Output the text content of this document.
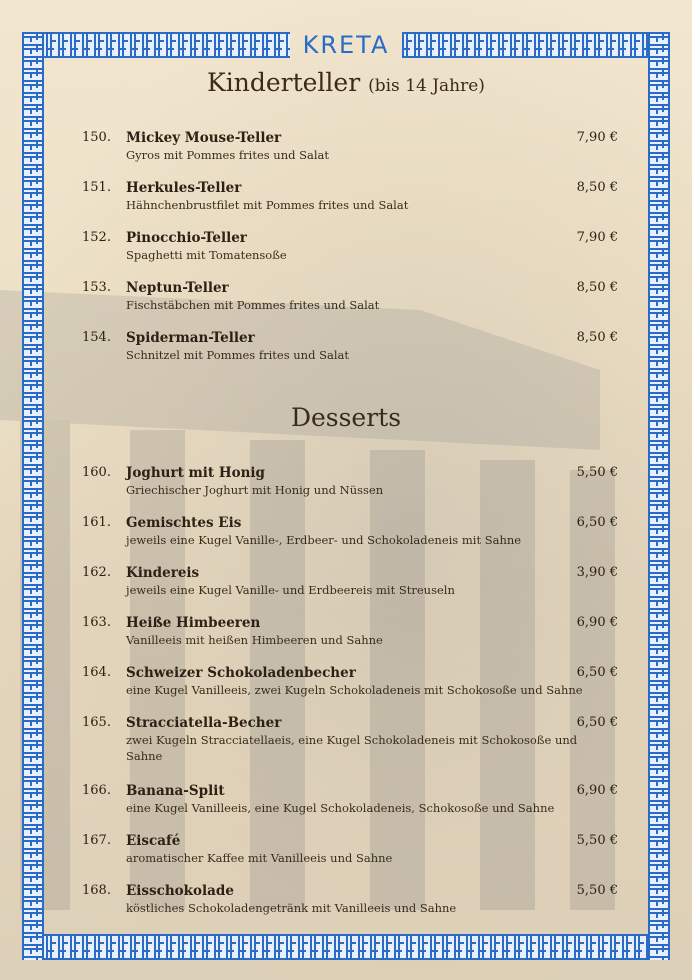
KRETA
Kinderteller (bis 14 Jahre)
150. Mickey Mouse-Teller	7,90 €
Gyros mit Pommes frites und Salat
151. Herkules-Teller	8,50 €
Hähnchenbrustfilet mit Pommes frites und Salat
152. Pinocchio-Teller	7,90 €
Spaghetti mit Tomatensoße
153. Neptun-Teller	8,50 €
Fischstäbchen mit Pommes frites und Salat
154. Spiderman-Teller	8,50 €
Schnitzel mit Pommes frites und Salat
Desserts
160. Joghurt mit Honig	5,50 €
Griechischer Joghurt mit Honig und Nüssen
161. Gemischtes Eis	6,50 €
jeweils eine Kugel Vanille-, Erdbeer- und Schokoladeneis mit Sahne
162. Kindereis	3,90 €
jeweils eine Kugel Vanille- und Erdbeereis mit Streuseln
163. Heiße Himbeeren	6,90 €
Vanilleeis mit heißen Himbeeren und Sahne
164. Schweizer Schokoladenbecher	6,50 €
eine Kugel Vanilleeis, zwei Kugeln Schokoladeneis mit Schokosoße und Sahne
165. Stracciatella-Becher	6,50 €
zwei Kugeln Stracciatellaeis, eine Kugel Schokoladeneis mit Schokosoße und Sahne
166. Banana-Split	6,90 €
eine Kugel Vanilleeis, eine Kugel Schokoladeneis, Schokosoße und Sahne
167. Eiscafé	5,50 €
aromatischer Kaffee mit Vanilleeis und Sahne
168. Eisschokolade	5,50 €
köstliches Schokoladengetränk mit Vanilleeis und Sahne
